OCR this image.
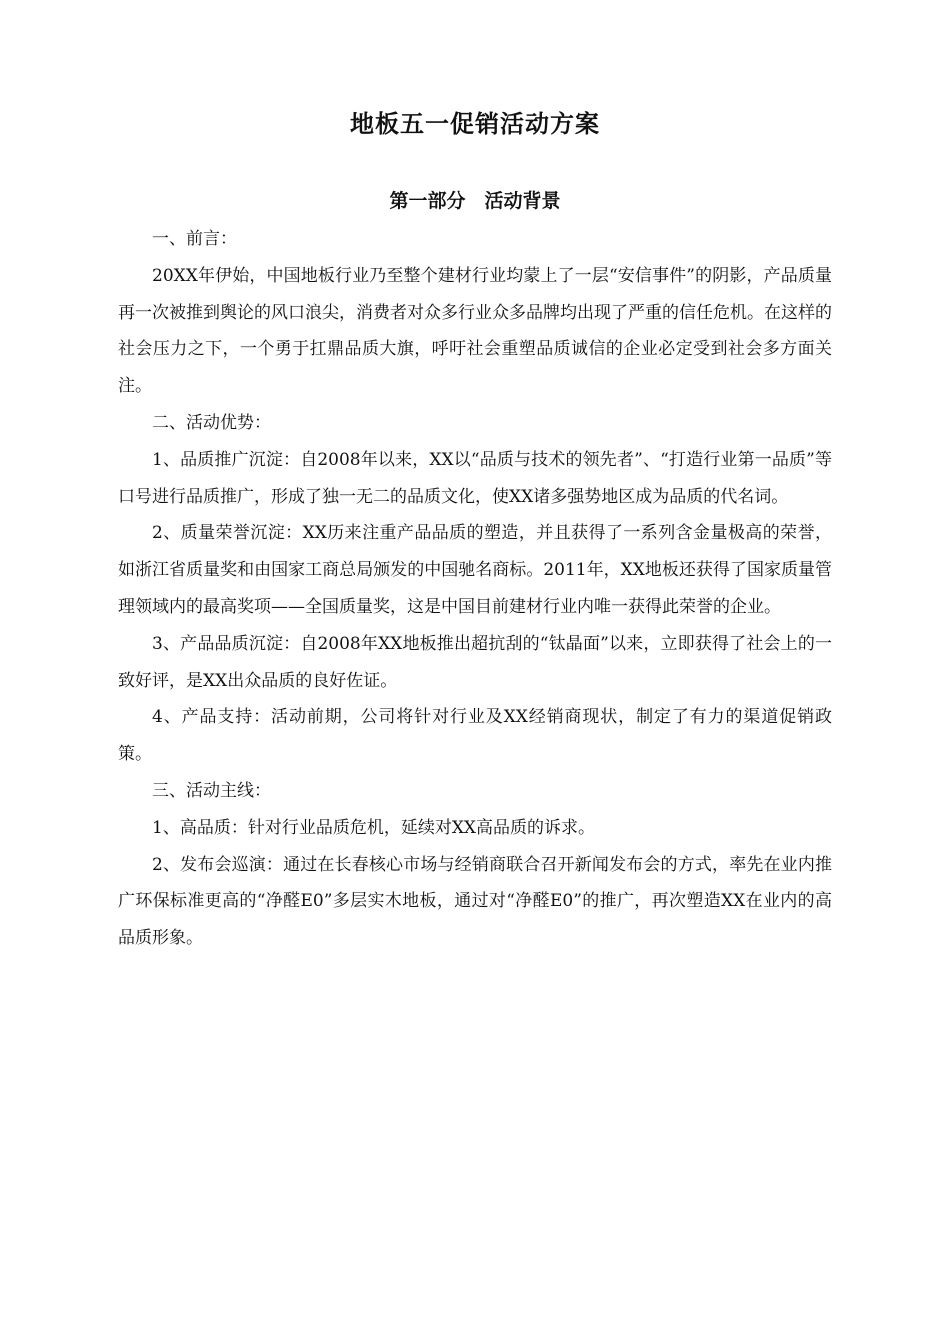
地板五一促销活动方案
第一部分　活动背景

一、前言：

20XX年伊始，中国地板行业乃至整个建材行业均蒙上了一层“安信事件”的阴影，产品质量再一次被推到舆论的风口浪尖，消费者对众多行业众多品牌均出现了严重的信任危机。在这样的社会压力之下，一个勇于扛鼎品质大旗，呼吁社会重塑品质诚信的企业必定受到社会多方面关注。

二、活动优势：

1、品质推广沉淀：自2008年以来，XX以“品质与技术的领先者”、“打造行业第一品质”等口号进行品质推广，形成了独一无二的品质文化，使XX诸多强势地区成为品质的代名词。

2、质量荣誉沉淀：XX历来注重产品品质的塑造，并且获得了一系列含金量极高的荣誉，如浙江省质量奖和由国家工商总局颁发的中国驰名商标。2011年，XX地板还获得了国家质量管理领域内的最高奖项——全国质量奖，这是中国目前建材行业内唯一获得此荣誉的企业。

3、产品品质沉淀：自2008年XX地板推出超抗刮的“钛晶面”以来，立即获得了社会上的一致好评，是XX出众品质的良好佐证。

4、产品支持：活动前期，公司将针对行业及XX经销商现状，制定了有力的渠道促销政策。

三、活动主线：

1、高品质：针对行业品质危机，延续对XX高品质的诉求。

2、发布会巡演：通过在长春核心市场与经销商联合召开新闻发布会的方式，率先在业内推广环保标准更高的“净醛E0”多层实木地板，通过对“净醛E0”的推广，再次塑造XX在业内的高品质形象。
